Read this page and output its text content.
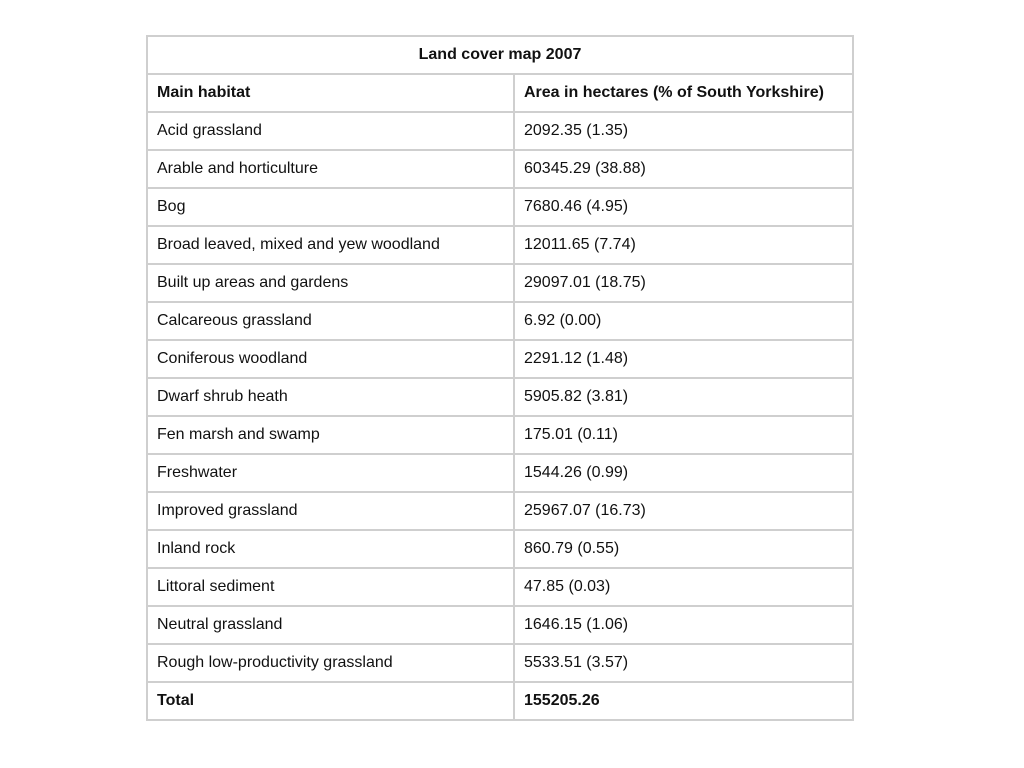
Land cover map 2007	
Main habitat	Area in hectares (% of South Yorkshire)
Acid grassland	2092.35 (1.35)
Arable and horticulture	60345.29 (38.88)
Bog	7680.46 (4.95)
Broad leaved, mixed and yew woodland	12011.65 (7.74)
Built up areas and gardens	29097.01 (18.75)
Calcareous grassland	6.92 (0.00)
Coniferous woodland	2291.12 (1.48)
Dwarf shrub heath	5905.82 (3.81)
Fen marsh and swamp	175.01 (0.11)
Freshwater	1544.26 (0.99)
Improved grassland	25967.07 (16.73)
Inland rock	860.79 (0.55)
Littoral sediment	47.85 (0.03)
Neutral grassland	1646.15 (1.06)
Rough low-productivity grassland	5533.51 (3.57)
Total	155205.26
